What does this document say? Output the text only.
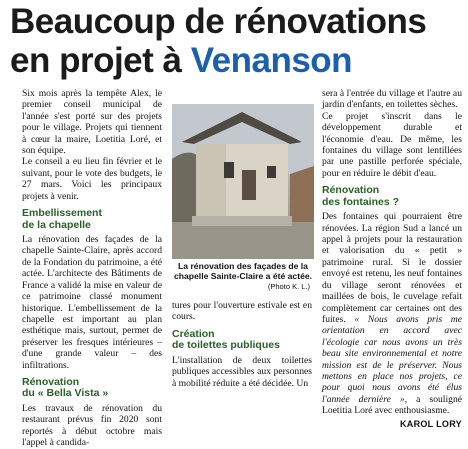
Beaucoup de rénovations
en projet à Venanson

Six mois après la tempête Alex, le premier conseil municipal de l'année s'est porté sur des projets pour le village. Projets qui tiennent à cœur la maire, Loetitia Loré, et son équipe.

Le conseil a eu lieu fin février et le suivant, pour le vote des budgets, le 27 mars. Voici les principaux projets à venir.

Embellissement
de la chapelle

La rénovation des façades de la chapelle Sainte-Claire, après accord de la Fondation du patrimoine, a été actée. L'architecte des Bâtiments de France a validé la mise en valeur de ce patrimoine classé monument historique. L'embellissement de la chapelle est important au plan esthétique mais, surtout, permet de préserver les fresques intérieures – d'une grande valeur – des infiltrations.

Rénovation
du « Bella Vista »

Les travaux de rénovation du restaurant prévus fin 2020 sont reportés à début octobre mais l'appel à candida-

La rénovation des façades de la chapelle Sainte-Claire a été actée.
(Photo K. L.)

tures pour l'ouverture estivale est en cours.

Création
de toilettes publiques

L'installation de deux toilettes publiques accessibles aux personnes à mobilité réduite a été décidée. Un

sera à l'entrée du village et l'autre au jardin d'enfants, en toilettes sèches.

Ce projet s'inscrit dans le développement durable et l'économie d'eau. De même, les fontaines du village sont lentillées par une pastille perforée spéciale, pour en réduire le débit d'eau.

Rénovation
des fontaines ?

Des fontaines qui pourraient être rénovées. La région Sud a lancé un appel à projets pour la restauration et valorisation du « petit » patrimoine rural. Si le dossier envoyé est retenu, les neuf fontaines du village seront rénovées et maillées de bois, le cuvelage refait complètement car certaines ont des fuites. « Nous avons pris me orientation en accord avec l'écologie car nous avons un très beau site environnemental et notre mission est de le préserver. Nous mettons en place nos projets, ce pour quoi nous avons été élus l'année dernière », a souligné Loetitia Loré avec enthousiasme.

KAROL LORY
